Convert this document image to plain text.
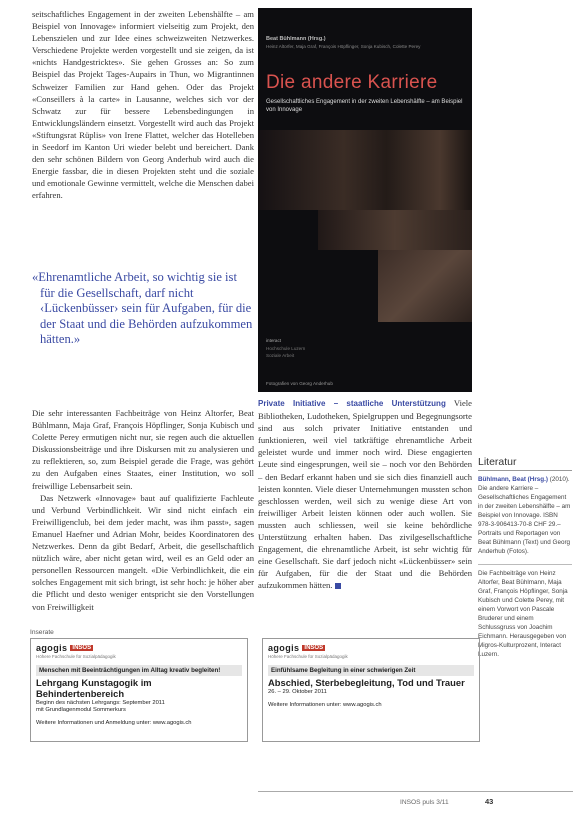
seitschaftliches Engagement in der zweiten Lebenshälfte – am Beispiel von Innovage» informiert vielseitig zum Projekt, den Lebenszielen und zur Idee eines schweizweiten Netzwerkes. Verschiedene Projekte werden vorgestellt und sie zeigen, da ist «nichts Handgestricktes». Sie gehen Grosses an: So zum Beispiel das Projekt Tages-Aupairs in Thun, wo Migrantinnen Schweizer Familien zur Hand gehen. Oder das Projekt «Conseillers à la carte» in Lausanne, welches sich vor der Schwatz zur für bessere Lebensbedingungen in Entwicklungsländern einsetzt. Vorgestellt wird auch das Projekt «Stiftungsrat Rüplis» von Irene Flattet, welcher das Hotelleben in Seedorf im Kanton Uri wieder belebt und bereichert. Dank den sehr schönen Bildern von Georg Anderhub wird auch die Energie fassbar, die in diesen Projekten steht und die soziale und emotionale Gewinne vermittelt, welche die Menschen dabei erfahren.

«Ehrenamtliche Arbeit, so wichtig sie ist für die Gesellschaft, darf nicht ‹Lückenbüsser› sein für Aufgaben, für die der Staat und die Behörden aufzukommen hätten.»

Die sehr interessanten Fachbeiträge von Heinz Altorfer, Beat Bühlmann, Maja Graf, François Höpflinger, Sonja Kubisch und Colette Perey ermutigen nicht nur, sie regen auch die aktuellen Diskussionsbeiträge und ihre Diskursen mit zu analysieren und zu reflektieren, so, zum Beispiel gerade die Frage, was gehört zu den Aufgaben eines Staates, einer Institution, wo soll freiwillige Lebensarbeit sein.

Das Netzwerk «Innovage» baut auf qualifizierte Fachleute und Verbund Verbindlichkeit. Wir sind nicht einfach ein Freiwilligenclub, bei dem jeder macht, was ihm passt», sagen Emanuel Haefner und Adrian Mohr, beides Koordinatoren des Netzwerkes. Denn da gibt Bedarf, Arbeit, die gesellschaftlich nützlich wäre, aber nicht getan wird, weil es an Geld oder an personellen Ressourcen mangelt. «Die Verbindlichkeit, die ein solches Engagement mit sich bringt, ist sehr hoch: je höher aber die Pflicht und desto weniger entspricht sie den Vorstellungen von Freiwilligkeit

Beat Bühlmann (Hrsg.)
Heinz Altorfer, Maja Graf, François Höpflinger, Sonja Kubisch, Colette Perey
Die andere Karriere
Gesellschaftliches Engagement in der zweiten Lebenshälfte – am Beispiel von Innovage
interact
Hochschule Luzern
Soziale Arbeit
Fotografien von Georg Anderhub
Private Initiative – staatliche Unterstützung Viele Bibliotheken, Ludotheken, Spielgruppen und Begegnungsorte sind aus solch privater Initiative entstanden und funktionieren, weil viel tatkräftige ehrenamtliche Arbeit geleistet wurde und immer noch wird. Diese engagierten Leute sind eingesprungen, weil sie – noch vor den Behörden – den Bedarf erkannt haben und sie sich dies finanziell auch leisten konnten. Viele dieser Unternehmungen mussten schon geschlossen werden, weil sich zu wenige diese Art von freiwilliger Arbeit leisten können oder auch wollen. Sie mussten auch schliessen, weil sie keine behördliche Unterstützung erhalten haben. Das zivilgesellschaftliche Engagement, die ehrenamtliche Arbeit, ist sehr wichtig für eine Gesellschaft. Sie darf jedoch nicht «Lückenbüsser» sein für Aufgaben, für die der Staat und die Behörden aufzukommen hätten.
Literatur
Bühlmann, Beat (Hrsg.) (2010). Die andere Karriere – Gesellschaftliches Engagement in der zweiten Lebenshälfte – am Beispiel von Innovage. ISBN 978-3-906413-70-8 CHF 29.– Portraits und Reportagen von Beat Bühlmann (Text) und Georg Anderhub (Fotos).
Die Fachbeiträge von Heinz Altorfer, Beat Bühlmann, Maja Graf, François Höpflinger, Sonja Kubisch und Colette Perey, mit einem Vorwort von Pascale Bruderer und einem Schlussgruss von Joachim Eichmann. Herausgegeben von Migros-Kulturprozent, Interact Luzern.
Inserate
agogis INSOS
Höhere Fachschule für Sozialpädagogik
Menschen mit Beeinträchtigungen im Alltag kreativ begleiten!
Lehrgang Kunstagogik im Behindertenbereich
Beginn des nächsten Lehrgangs: September 2011
mit Grundlagenmodul Sommerkurs
Weitere Informationen und Anmeldung unter: www.agogis.ch
agogis INSOS
Höhere Fachschule für Sozialpädagogik
Einfühlsame Begleitung in einer schwierigen Zeit
Abschied, Sterbebegleitung, Tod und Trauer
26. – 29. Oktober 2011
Weitere Informationen unter: www.agogis.ch
INSOS puls 3/11	43
